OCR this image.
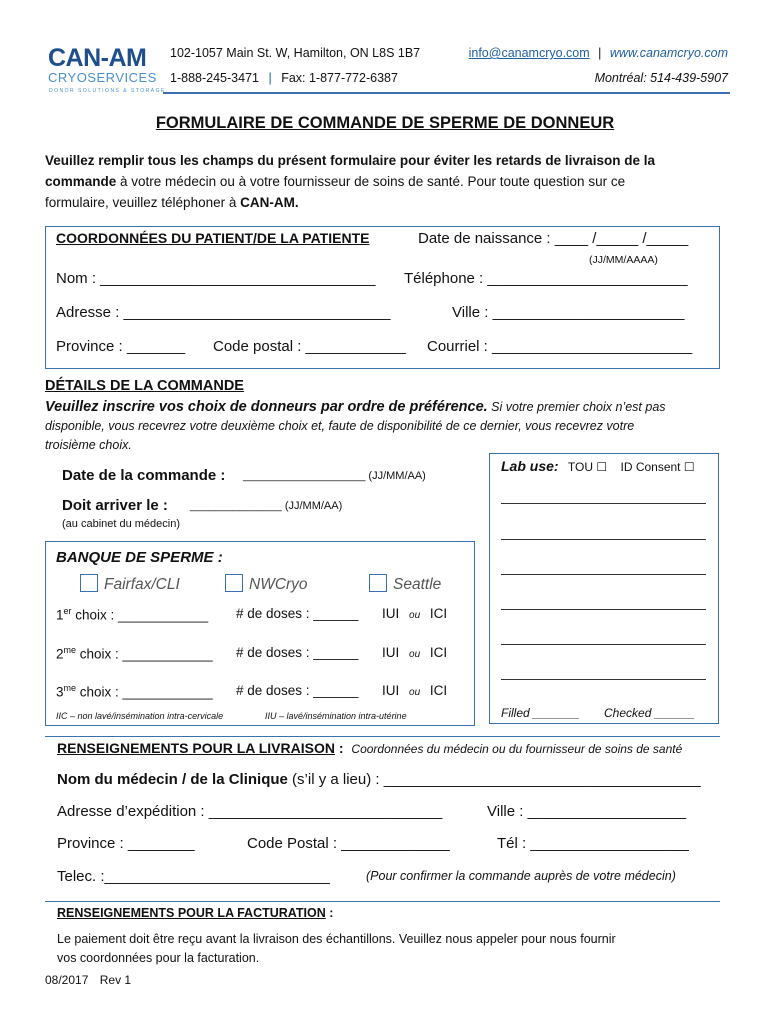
CAN-AM
CRYOSERVICES
DONOR SOLUTIONS & STORAGE
102-1057 Main St. W, Hamilton, ON L8S 1B7
1-888-245-3471 | Fax: 1-877-772-6387
info@canamcryo.com | www.canamcryo.com
Montréal: 514-439-5907
FORMULAIRE DE COMMANDE DE SPERME DE DONNEUR
Veuillez remplir tous les champs du présent formulaire pour éviter les retards de livraison de la
commande à votre médecin ou à votre fournisseur de soins de santé. Pour toute question sur ce
formulaire, veuillez téléphoner à CAN-AM.
COORDONNÉES DU PATIENT/DE LA PATIENTE	Date de naissance : ____ /_____ /_____
(JJ/MM/AAAA)
Nom : _________________________________ Téléphone : ________________________
Adresse : ________________________________	Ville : _______________________
Province : _______ Code postal : ____________ Courriel : ________________________
DÉTAILS DE LA COMMANDE
Veuillez inscrire vos choix de donneurs par ordre de préférence. Si votre premier choix n’est pas
disponible, vous recevrez votre deuxième choix et, faute de disponibilité de ce dernier, vous recevrez votre
troisième choix.
Date de la commande : ____________________ (JJ/MM/AA)
Doit arriver le : _______________ (JJ/MM/AA)
(au cabinet du médecin)
Lab use: TOU ☐ ID Consent ☐
Filled _______ Checked ______
BANQUE DE SPERME :
Fairfax/CLI	NWCryo	Seattle
1er choix : ____________ # de doses : ______ IUI ou ICI
$2^{me}$ choix : ____________ # de doses : ______ IUI ou ICI
$3^{me}$ choix : ____________ # de doses : ______ IUI ou ICI
IIC – non lavé/insémination intra-cervicale	IIU – lavé/insémination intra-utérine
RENSEIGNEMENTS POUR LA LIVRAISON : Coordonnées du médecin ou du fournisseur de soins de santé
Nom du médecin / de la Clinique (s’il y a lieu) : ______________________________________
Adresse d’expédition : ____________________________	Ville : ___________________
Province : ________	Code Postal : _____________	Tél : ___________________
Telec. :___________________________	(Pour confirmer la commande auprès de votre médecin)
RENSEIGNEMENTS POUR LA FACTURATION :
Le paiement doit être reçu avant la livraison des échantillons. Veuillez nous appeler pour nous fournir
vos coordonnées pour la facturation.
08/2017 Rev 1
